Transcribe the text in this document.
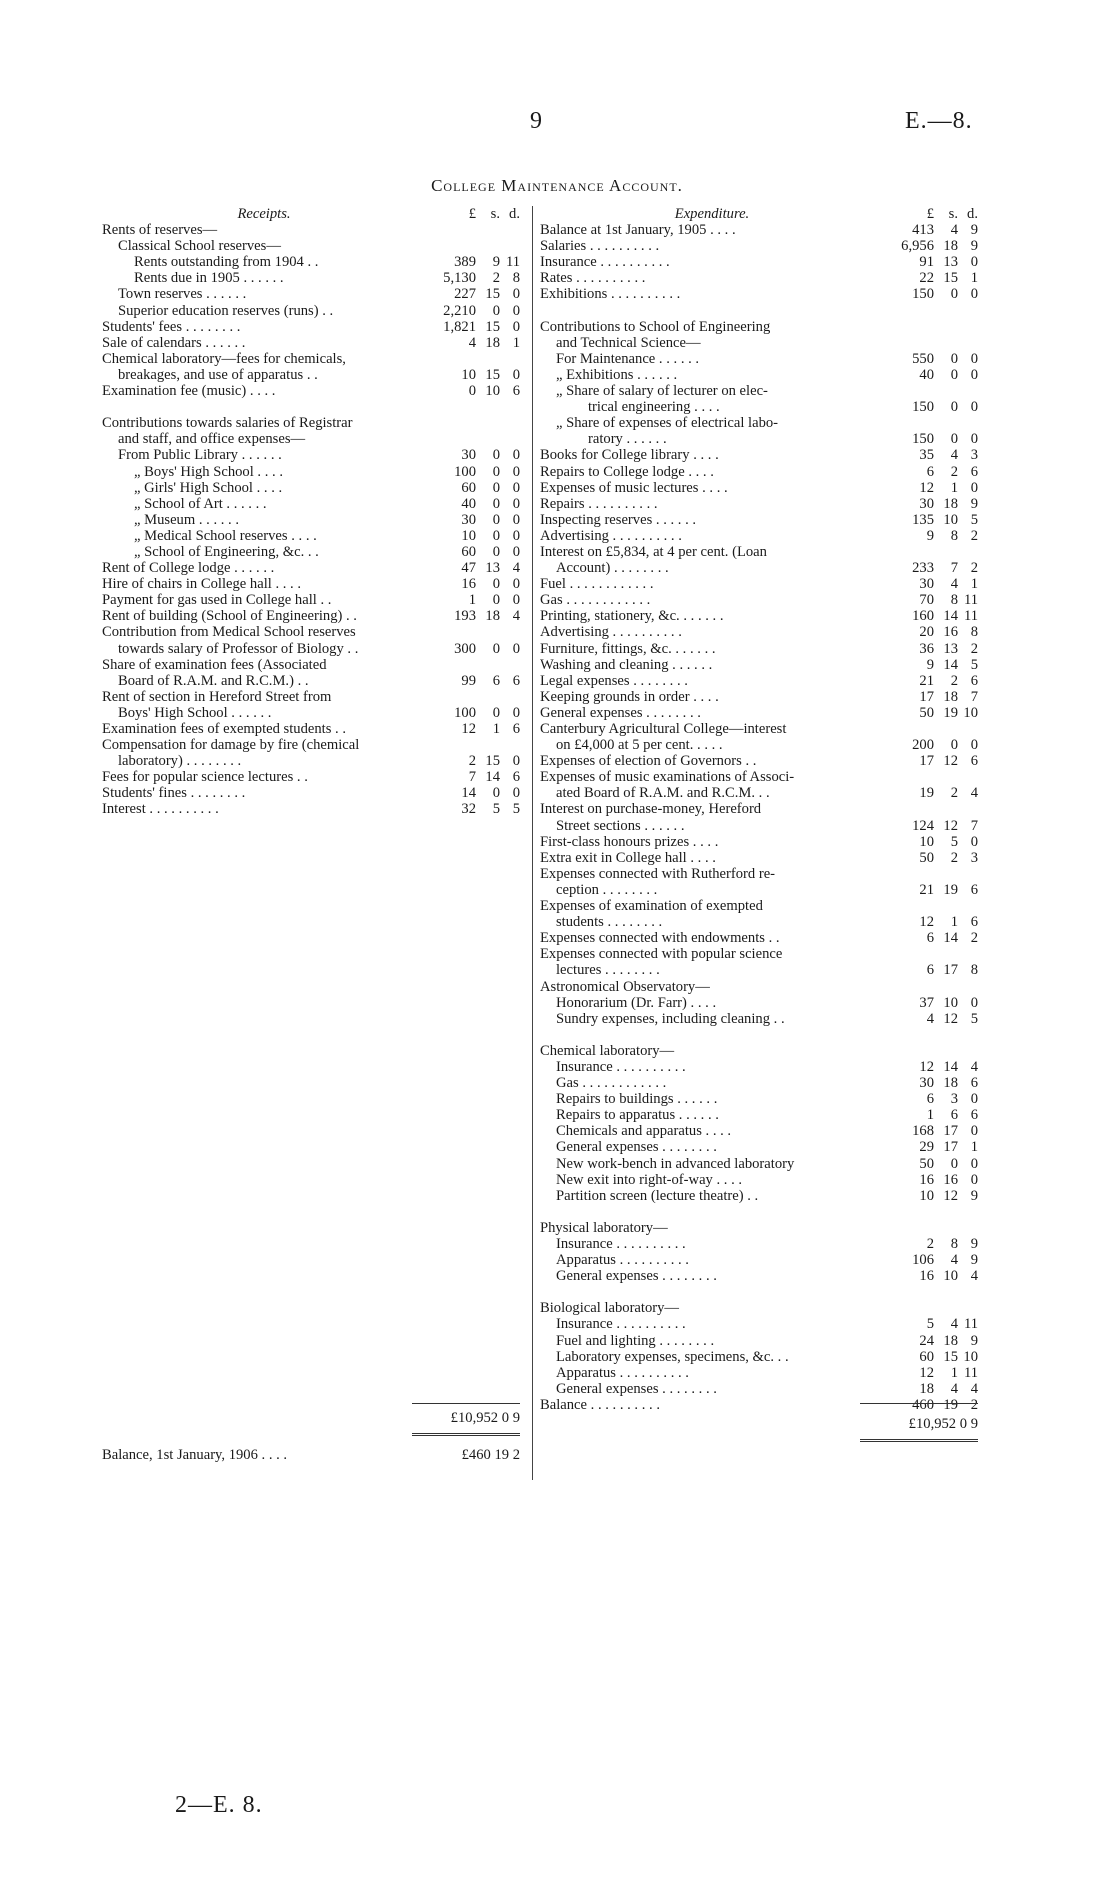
9	E.—8.
College Maintenance Account.
Receipts.	£	s. d.
Rents of reserves—
Classical School reserves—
Rents outstanding from 1904 . .	389	9 11
Rents due in 1905 . . . . . .	5,130	2 8
Town reserves . . . . . .	227 15 0
Superior education reserves (runs) . .	2,210	0 0
Students' fees . . . . . . . .	1,821 15 0
Sale of calendars . . . . . .	4 18 1
Chemical laboratory—fees for chemicals,
breakages, and use of apparatus . .	10 15 0
Examination fee (music) . . . .	0 10 6
Contributions towards salaries of Registrar
and staff, and office expenses—
From Public Library . . . . . .	30	0 0
„ Boys' High School . . . .	100	0 0
„ Girls' High School . . . .	60	0 0
„ School of Art . . . . . .	40	0 0
„ Museum . . . . . .	30	0 0
„ Medical School reserves . . . .	10	0 0
„ School of Engineering, &c. . .	60	0 0
Rent of College lodge . . . . . .	47 13 4
Hire of chairs in College hall . . . .	16	0 0
Payment for gas used in College hall . .	1	0 0
Rent of building (School of Engineering) . .	193 18 4
Contribution from Medical School reserves
towards salary of Professor of Biology . .	300	0 0
Share of examination fees (Associated
Board of R.A.M. and R.C.M.) . .	99	6 6
Rent of section in Hereford Street from
Boys' High School . . . . . .	100	0 0
Examination fees of exempted students . .	12	1 6
Compensation for damage by fire (chemical
laboratory) . . . . . . . .	2 15 0
Fees for popular science lectures . .	7 14 6
Students' fines . . . . . . . .	14	0 0
Interest . . . . . . . . . .	32	5 5
Expenditure.	£	s. d.
Balance at 1st January, 1905 . . . .	413	4 9
Salaries . . . . . . . . . .	6,956 18 9
Insurance . . . . . . . . . .	91 13 0
Rates . . . . . . . . . .	22 15 1
Exhibitions . . . . . . . . . .	150	0 0
Contributions to School of Engineering
and Technical Science—
For Maintenance . . . . . .	550	0 0
„ Exhibitions . . . . . .	40	0 0
„ Share of salary of lecturer on elec-
trical engineering . . . .	150	0 0
„ Share of expenses of electrical labo-
ratory . . . . . .	150	0 0
Books for College library . . . .	35	4 3
Repairs to College lodge . . . .	6	2 6
Expenses of music lectures . . . .	12	1 0
Repairs . . . . . . . . . .	30 18 9
Inspecting reserves . . . . . .	135 10 5
Advertising . . . . . . . . . .	9	8 2
Interest on £5,834, at 4 per cent. (Loan
Account) . . . . . . . .	233	7 2
Fuel . . . . . . . . . . . .	30	4 1
Gas . . . . . . . . . . . .	70	8 11
Printing, stationery, &c. . . . . . .	160 14 11
Advertising . . . . . . . . . .	20 16 8
Furniture, fittings, &c. . . . . . .	36 13 2
Washing and cleaning . . . . . .	9 14 5
Legal expenses . . . . . . . .	21	2 6
Keeping grounds in order . . . .	17 18 7
General expenses . . . . . . . .	50 19 10
Canterbury Agricultural College—interest
on £4,000 at 5 per cent. . . . .	200	0 0
Expenses of election of Governors . .	17 12 6
Expenses of music examinations of Associ-
ated Board of R.A.M. and R.C.M. . .	19	2 4
Interest on purchase-money, Hereford
Street sections . . . . . .	124 12 7
First-class honours prizes . . . .	10	5 0
Extra exit in College hall . . . .	50	2 3
Expenses connected with Rutherford re-
ception . . . . . . . .	21 19 6
Expenses of examination of exempted
students . . . . . . . .	12	1 6
Expenses connected with endowments . .	6 14 2
Expenses connected with popular science
lectures . . . . . . . .	6 17 8
Astronomical Observatory—
Honorarium (Dr. Farr) . . . .	37 10 0
Sundry expenses, including cleaning . .	4 12 5
Chemical laboratory—
Insurance . . . . . . . . . .	12 14 4
Gas . . . . . . . . . . . .	30 18 6
Repairs to buildings . . . . . .	6	3 0
Repairs to apparatus . . . . . .	1	6 6
Chemicals and apparatus . . . .	168 17 0
General expenses . . . . . . . .	29 17 1
New work-bench in advanced laboratory	50	0 0
New exit into right-of-way . . . .	16 16 0
Partition screen (lecture theatre) . .	10 12 9
Physical laboratory—
Insurance . . . . . . . . . .	2	8 9
Apparatus . . . . . . . . . .	106	4 9
General expenses . . . . . . . .	16 10 4
Biological laboratory—
Insurance . . . . . . . . . .	5	4 11
Fuel and lighting . . . . . . . .	24 18 9
Laboratory expenses, specimens, &c. . .	60 15 10
Apparatus . . . . . . . . . .	12	1 11
General expenses . . . . . . . .	18	4 4
Balance . . . . . . . . . .	460 19 2
£10,952 0 9	£10,952 0 9
Balance, 1st January, 1906 . . . .	£460 19 2
2—E. 8.
